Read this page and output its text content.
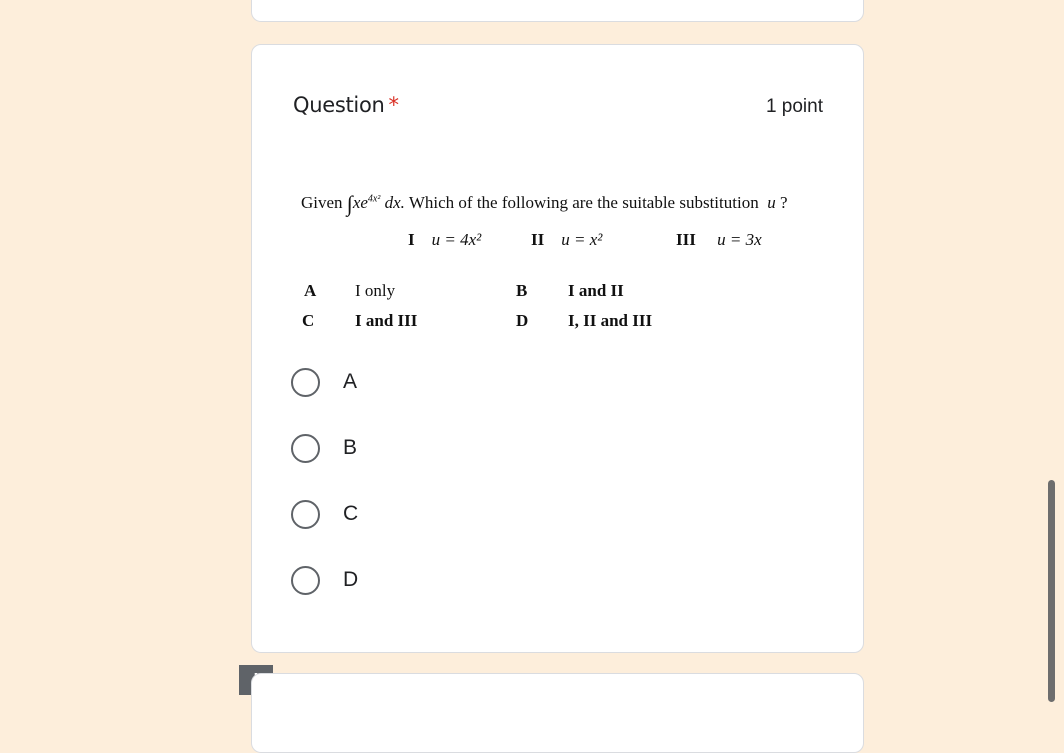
Question *	1 point
Given $\int xe^{4x^2}$ dx. Which of the following are the suitable substitution u ?
I u = 4x²	II u = x²	III u = 3x
A I only	B I and II
C I and III	D I, II and III
A
B
C
D
